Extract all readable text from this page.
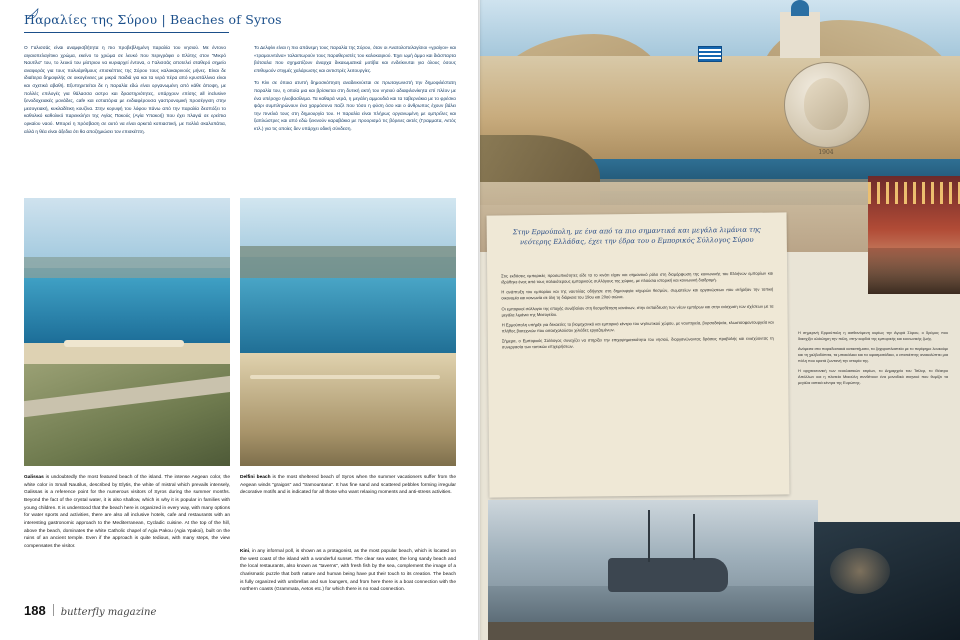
Παραλίες της Σύρου | Beaches of Syros

Ο Γαλισσάς είναι αναμφισβήτητα η πιο προβεβλημένη παραλία του νησιού. Με έντονο αιγαιοπελαγίτικο χρώμα, εκείνο το χρώμα σε λευκό που περιγράφει ο Ελύτης στον "Μικρό Ναυτίλο" του, το λευκό του μίστριου να κυριαρχεί έντονα, ο Γαλισσάς αποτελεί σταθερό σημείο αναφοράς για τους πολυάριθμους επισκέπτες της Σύρου τους καλοκαιρινούς μήνες. Είναι δε ιδιαίτερα δημοφιλής σε οικογένειες με μικρά παιδιά για και τα νερά πέρα από κρυστάλλινα είναι και σχετικά αβαθή. Εξυπηρετείται δε η παραλία εδώ είναι οργανωμένη από κάθε άποψη, με πολλές επιλογές για θάλασσα αστρο και δραστηριότητες, υπάρχουν επίσης all inclusive ξενοδοχειακές μονάδες, cafe και εστιατόρια με ενδιαφέρουσα γαστρονομική προσέγγιση στην μεσογειακή, κυκλαδίτικη κουζίνα. Στην κορυφή του λόφου πάνω από την παραλία δεσπόζει το καθολικό καθολικό παρεκκλήσι της Αγίας Πακούς (Αγία Υπακοή) που έχει πλαγιά σε ερείπια ορκαίου ναού. Μπορεί η πρόσβαση σε αυτό να είναι αρκετά κοπιαστική, με πολλά σκαλοπάτια, αλλά η θέα είναι άξεδια ότι θα αποζημιώσει τον επισκέπτη.

Το Δελφίνι είναι η πιο απάνεμη τους παραλία της Σύρου, όταν οι Ανατολοπελαγίσιοι «γραίγοι» και «τραμουντάνα» ταλαιπωρούν τους παραθεριστές του καλοκαιριού. Έχει ωμή άμμο και διάσπαρτα βότσαλα που σχηματίζουν άναρχα δικαιωματικά μοτίβα και ενδείκνυται για όλους όσους επιθυμούν στιγμές χαλάρωσης και αντιστρές λειτουργίες.

Το Κίνι σε όποια ατυπή δημοσκόπηση αναδεικνύεται σε πρωταγωνιστή την δημοφιλέστατη παραλία του, η οποία μια και βρίσκεται στη δυτική ακτή του νησιού αδιαφιλονίκητα επί πλέον με ένα υπέροχο ηλιοβασίλεμα. Τα καθαρά νερά, η μεγάλη αμμουδιά και τα ταβερνάκια με το φρέσκο ψάρι συμπληρώνουν ένα χαρμόσυνο παζλ που τόσο η φύση όσο και ο άνθρωπος έχουν βάλει την πινελιά τους στη δημιουργία του. Η παραλία είναι πλήρως οργανωμένη με ομπρέλες και ξαπλώστρες και από εδώ ξεκινούν καραβάκια με προορισμό τις βόρειες ακτές (Γραμματα, Αετός κτλ.) για τις οποίες δεν υπάρχει οδική σύνδεση.

Galissas is undoubtedly the most featured beach of the island. The intense Aegean color, the white color in Small Nautilus, described by Elytis, the white of mistral which prevails intensely, Galissas is a reference point for the numerous visitors of Syros during the summer months. Beyond the fact of the crystal water, it is also shallow, which is why it is popular in families with young children. It is understood that the beach here is organized in every way, with many options for water sports and activities, there are also all inclusive hotels, cafe and restaurants with an interesting gastronomic approach to the Mediterranean, Cycladic cuisine. At the top of the hill, above the beach, dominates the white Catholic chapel of Agia Pakou (Agia Ypakoi), built on the ruins of an ancient temple. Even if the approach is quite tedious, with many steps, the view compensates the visitor.
Delfini beach is the most sheltered beach of Syros when the summer vacationers suffer from the Aegean winds "graigos" and "tramountana". It has fine sand and scattered pebbles forming irregular decorative motifs and is indicated for all those who want relaxing moments and anti-stress activities.
Kini, in any informal poll, is shown as a protagonist, as the most popular beach, which is located on the west coast of the island with a wonderful sunset. The clear sea water, the long sandy beach and the local restaurants, also known as "taverns", with fresh fish by the sea, complement the image of a charismatic puzzle that both nature and human being have put their touch to its creation. The beach is fully organized with umbrellas and sun loungers, and from here there is a boat connection with the northern coasts (Grammata, Aetos etc.) for which there is no road connection.
188 butterfly magazine
1904
Στην Ερμούπολη, με ένα από τα πιο σημαντικά και μεγάλα λιμάνια της νεότερης Ελλάδας, έχει την έδρα του ο Εμπορικός Σύλλογος Σύρου

Στις εκδόσεις εμπορικές προσωπικότητες είδε τα το κινάτι είχαν και σημαντικό ρόλο στη διαμόρφωση της κοινωνικής του Ελλήνων εμπορίων και ιδρύθηκε ένας από τους παλαιότερους εμπορικούς συλλόγους της χώρας, με πλούσια ιστορική και κοινωνική διαδρομή.

Η ανάπτυξη του εμπορίου και της ναυτιλίας οδήγησε στη δημιουργία ισχυρών θεσμών, σωματείων και οργανώσεων που στήριξαν την τοπική οικονομία και κοινωνία σε όλη τη διάρκεια του 19ου και 20ού αιώνα.

Οι εμπορικοί σύλλογοι της εποχής συνέβαλαν στη θεσμοθέτηση κανόνων, στην εκπαίδευση των νέων εμπόρων και στην ενίσχυση των σχέσεων με τα μεγάλα λιμάνια της Μεσογείου.

Η Ερμούπολη υπήρξε για δεκαετίες το βιομηχανικό και εμπορικό κέντρο του νησιωτικού χώρου, με ναυπηγεία, βυρσοδεψεία, κλωστοϋφαντουργεία και πλήθος βιοτεχνιών που απασχολούσαν χιλιάδες εργαζομένων.

Σήμερα, ο Εμπορικός Σύλλογος συνεχίζει να στηρίζει την επιχειρηματικότητα του νησιού, διοργανώνοντας δράσεις προβολής και ενισχύοντας τη συνεργασία των τοπικών επιχειρήσεων.

Η σημερινή Ερμούπολη η αισθανόμενη κυρίως την Αγορά Σύρου, ο δρόμος που διασχίζει ολόκληρη την πόλη, στην καρδιά της εμπορικής και κοινωνικής ζωής.

Ανάμεσα στα παραδοσιακά καταστήματα, τα ζαχαροπλαστεία με το περίφημο λουκούμι και τη χαλβαδόπιτα, τα μπακάλικα και τα υφασματάδικα, ο επισκέπτης ανακαλύπτει μια πόλη που κρατά ζωντανή την ιστορία της.

Η αρχιτεκτονική των νεοκλασικών κτιρίων, το Δημαρχείο του Τσίλερ, το Θέατρο Απόλλων και η πλατεία Μιαούλη συνθέτουν ένα μοναδικό σκηνικό που θυμίζει τα μεγάλα αστικά κέντρα της Ευρώπης.
